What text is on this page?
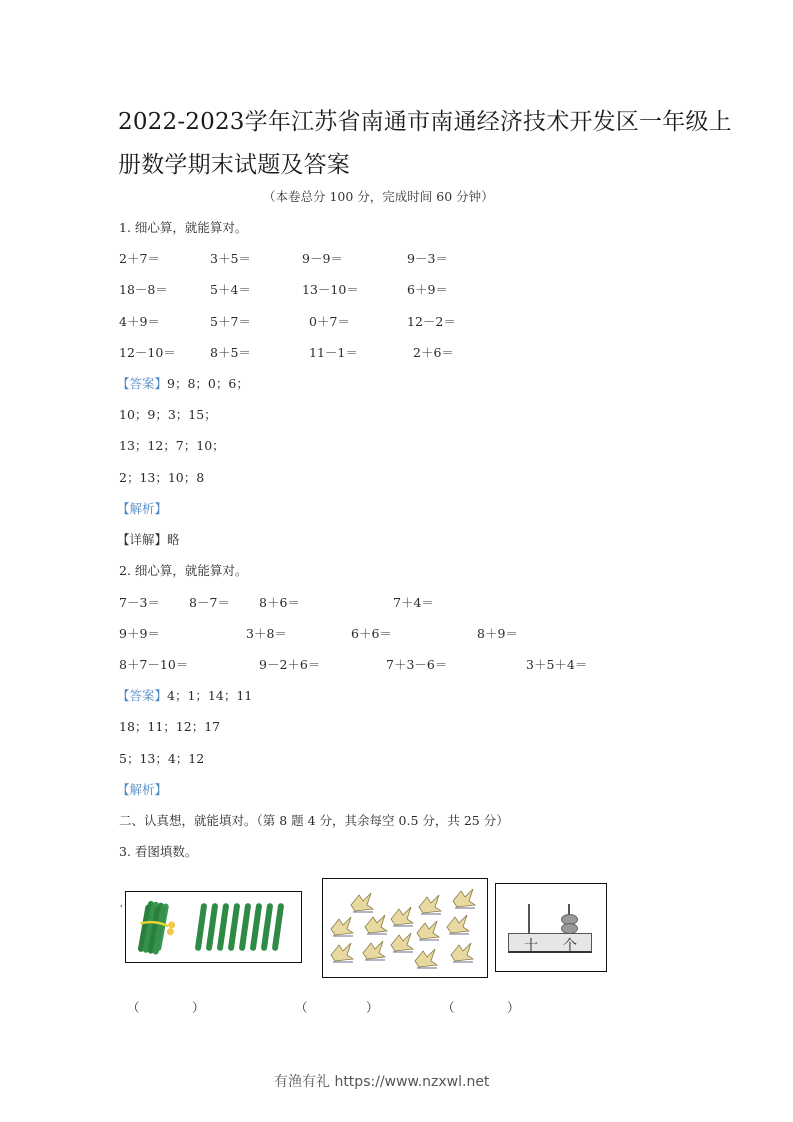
2022-2023学年江苏省南通市南通经济技术开发区一年级上
册数学期末试题及答案
（本卷总分 100 分，完成时间 60 分钟）
1. 细心算，就能算对。
2＋7＝	3＋5＝	9－9＝	9－3＝
18－8＝	5＋4＝	13－10＝	6＋9＝
4＋9＝	5＋7＝	0＋7＝	12－2＝
12－10＝	8＋5＝	11－1＝	2＋6＝
【答案】9；8；0；6；
10；9；3；15；
13；12；7；10；
2；13；10；8
【解析】
【详解】略
2. 细心算，就能算对。
7－3＝ 8－7＝ 8＋6＝	7＋4＝
9＋9＝	3＋8＝	6＋6＝	8＋9＝
8＋7－10＝	9－2＋6＝	7＋3－6＝	3＋5＋4＝
【答案】4；1；14；11
18；11；12；17
5；13；4；12
【解析】
二、认真想，就能填对。（第 8 题 4 分，其余每空 0.5 分，共 25 分）
3. 看图填数。
,
十 个
（	）	（	）	（	）
有渔有礼 https://www.nzxwl.net
